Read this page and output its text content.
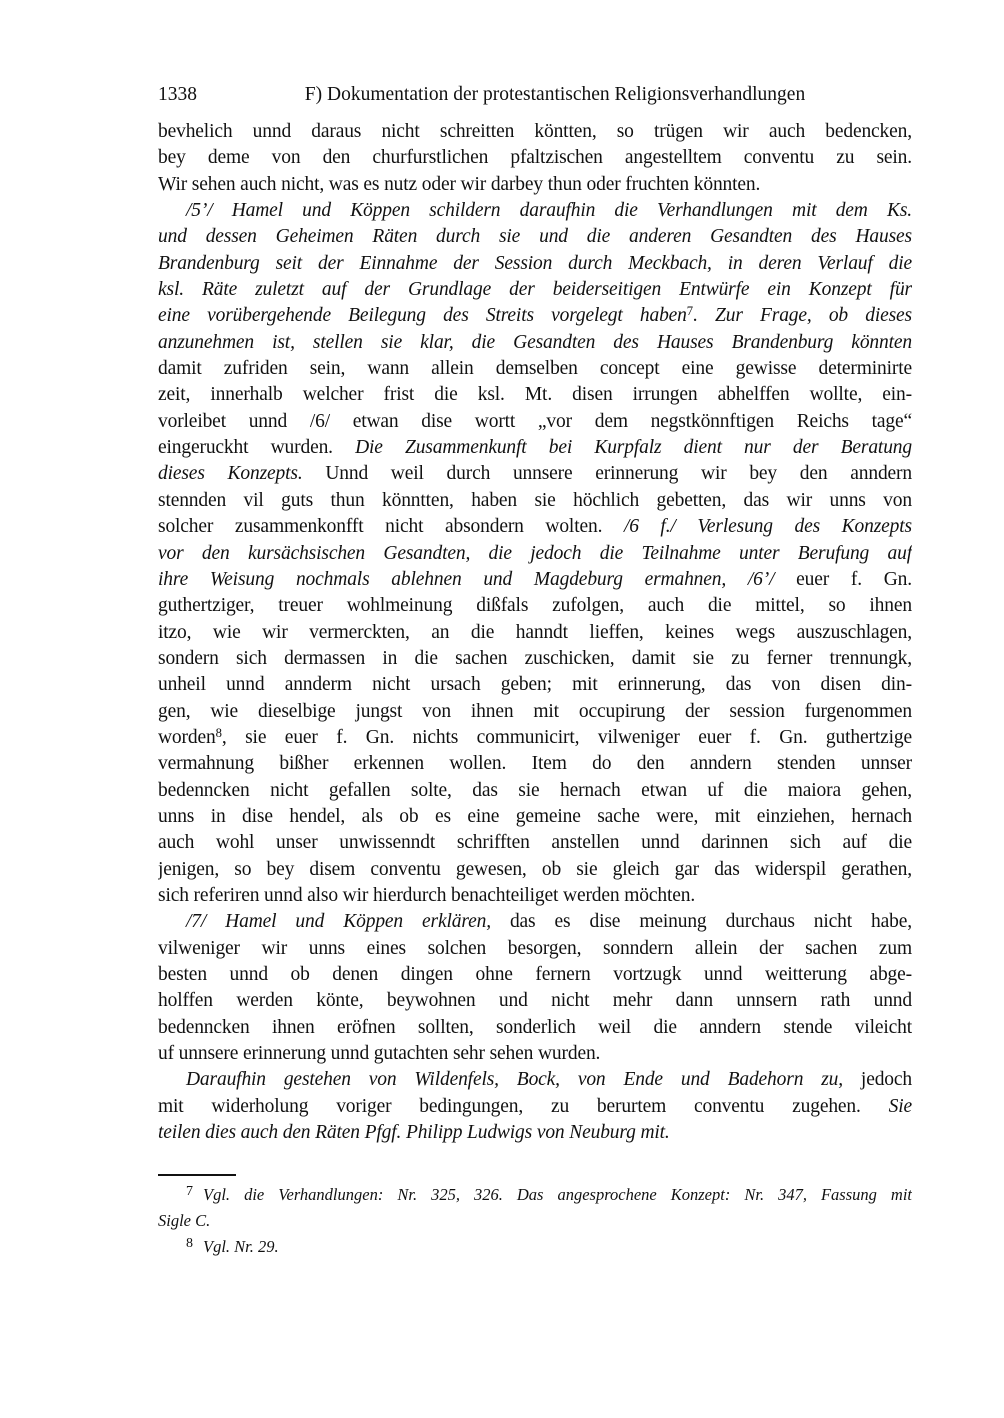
1338	F) Dokumentation der protestantischen Religionsverhandlungen
bevhelich unnd daraus nicht schreitten köntten, so trügen wir auch bedencken,
bey deme von den churfurstlichen pfaltzischen angestelltem conventu zu sein.
Wir sehen auch nicht, was es nutz oder wir darbey thun oder fruchten könnten.
/5’/ Hamel und Köppen schildern daraufhin die Verhandlungen mit dem Ks.
und dessen Geheimen Räten durch sie und die anderen Gesandten des Hauses
Brandenburg seit der Einnahme der Session durch Meckbach, in deren Verlauf die
ksl. Räte zuletzt auf der Grundlage der beiderseitigen Entwürfe ein Konzept für
eine vorübergehende Beilegung des Streits vorgelegt haben$^7$. Zur Frage, ob dieses
anzunehmen ist, stellen sie klar, die Gesandten des Hauses Brandenburg könnten
damit zufriden sein, wann allein demselben concept eine gewisse determinirte
zeit, innerhalb welcher frist die ksl. Mt. disen irrungen abhelffen wollte, ein-
vorleibet unnd /6/ etwan dise wortt „vor dem negstkönnftigen Reichs tage“
eingeruckht wurden. Die Zusammenkunft bei Kurpfalz dient nur der Beratung
dieses Konzepts. Unnd weil durch unnsere erinnerung wir bey den anndern
stennden vil guts thun könntten, haben sie höchlich gebetten, das wir unns von
solcher zusammenkonfft nicht absondern wolten. /6 f./ Verlesung des Konzepts
vor den kursächsischen Gesandten, die jedoch die Teilnahme unter Berufung auf
ihre Weisung nochmals ablehnen und Magdeburg ermahnen, /6’/ euer f. Gn.
guthertziger, treuer wohlmeinung dißfals zufolgen, auch die mittel, so ihnen
itzo, wie wir vermerckten, an die hanndt lieffen, keines wegs auszuschlagen,
sondern sich dermassen in die sachen zuschicken, damit sie zu ferner trennungk,
unheil unnd annderm nicht ursach geben; mit erinnerung, das von disen din-
gen, wie dieselbige jungst von ihnen mit occupirung der session furgenommen
worden$^8$, sie euer f. Gn. nichts communicirt, vilweniger euer f. Gn. guthertzige
vermahnung bißher erkennen wollen. Item do den anndern stenden unnser
bedenncken nicht gefallen solte, das sie hernach etwan uf die maiora gehen,
unns in dise hendel, als ob es eine gemeine sache were, mit einziehen, hernach
auch wohl unser unwissenndt schrifften anstellen unnd darinnen sich auf die
jenigen, so bey disem conventu gewesen, ob sie gleich gar das widerspil gerathen,
sich referiren unnd also wir hierdurch benachteiliget werden möchten.
/7/ Hamel und Köppen erklären, das es dise meinung durchaus nicht habe,
vilweniger wir unns eines solchen besorgen, sonndern allein der sachen zum
besten unnd ob denen dingen ohne fernern vortzugk unnd weitterung abge-
holffen werden könte, beywohnen und nicht mehr dann unnsern rath unnd
bedenncken ihnen eröfnen sollten, sonderlich weil die anndern stende vileicht
uf unnsere erinnerung unnd gutachten sehr sehen wurden.
Daraufhin gestehen von Wildenfels, Bock, von Ende und Badehorn zu, jedoch
mit widerholung voriger bedingungen, zu berurtem conventu zugehen. Sie
teilen dies auch den Räten Pfgf. Philipp Ludwigs von Neuburg mit.
$^7$ Vgl. die Verhandlungen: Nr. 325, 326. Das angesprochene Konzept: Nr. 347, Fassung mit
Sigle C.
$^8$ Vgl. Nr. 29.
